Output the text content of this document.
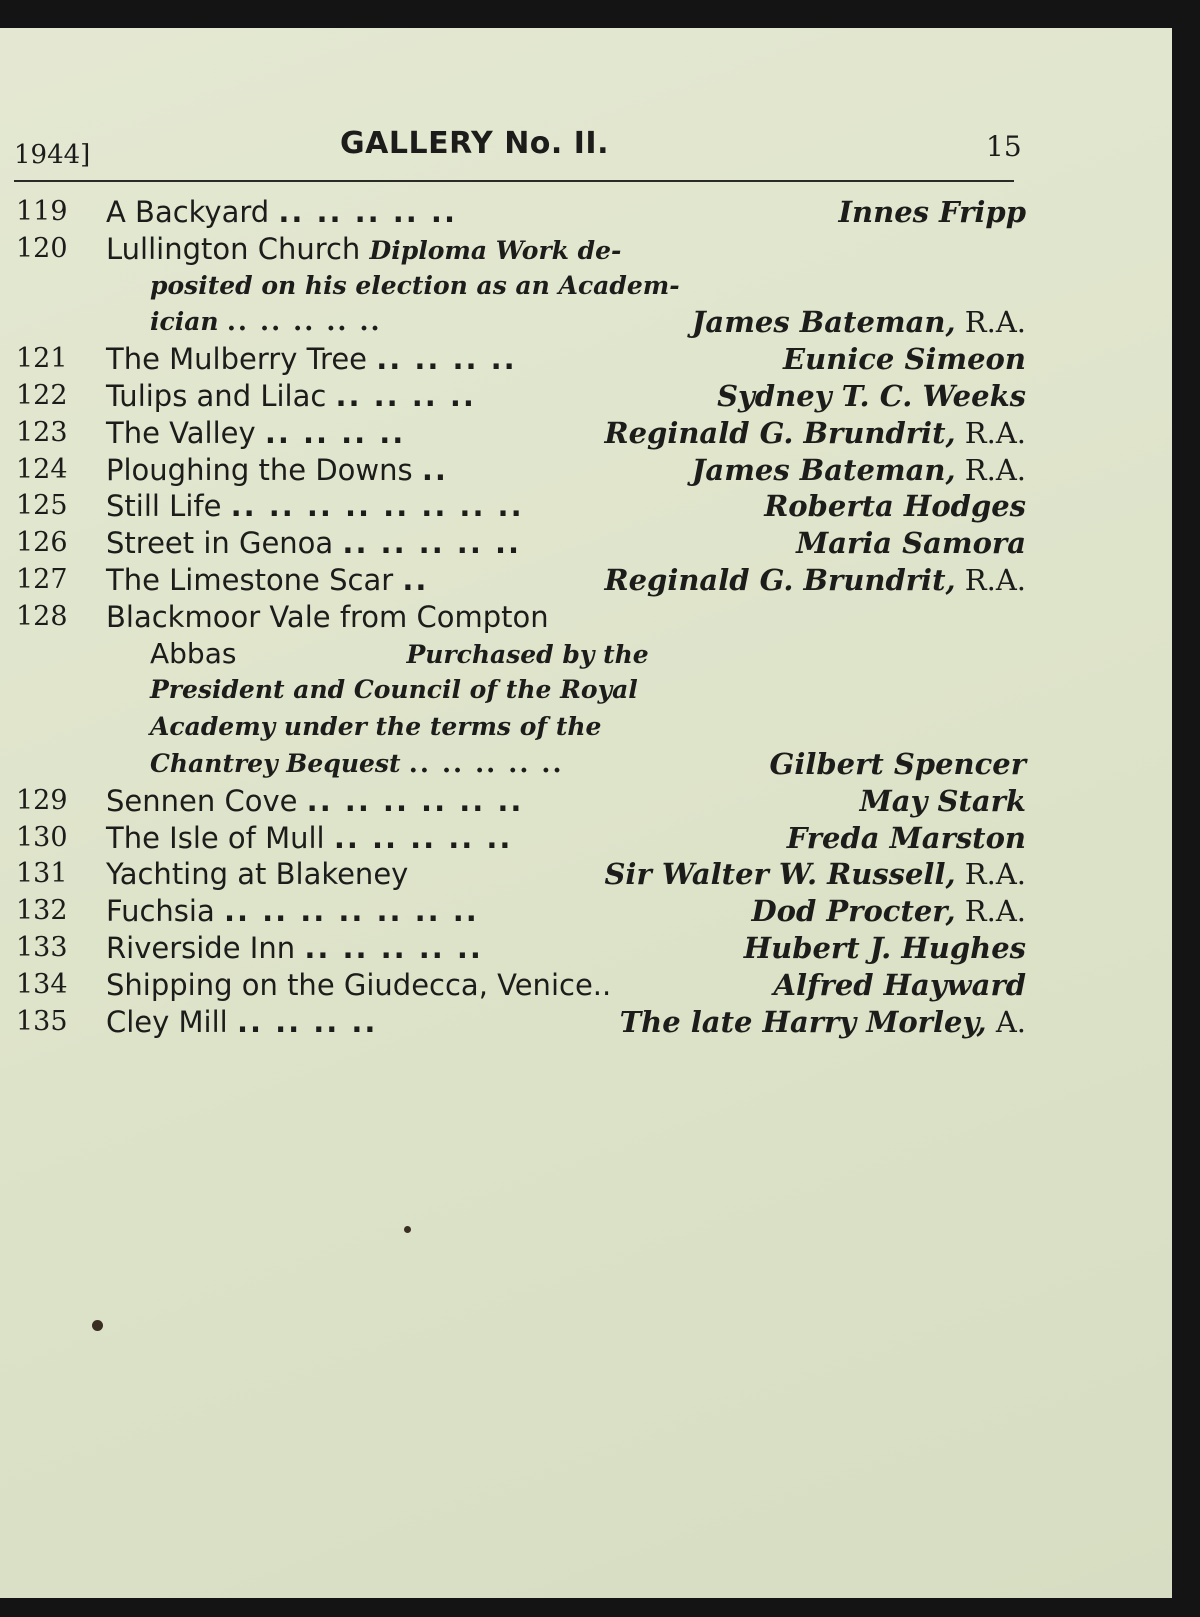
1944]	GALLERY No. II.	15
119 A Backyard .. .. .. .. ..	Innes Fripp
120 Lullington Church Diploma Work de-
posited on his election as an Academ-
ician .. .. .. .. ..	James Bateman, R.A.
121 The Mulberry Tree .. .. .. ..	Eunice Simeon
122 Tulips and Lilac .. .. .. ..	Sydney T. C. Weeks
123 The Valley .. .. .. ..	Reginald G. Brundrit, R.A.
124 Ploughing the Downs ..	James Bateman, R.A.
125 Still Life .. .. .. .. .. .. .. ..	Roberta Hodges
126 Street in Genoa .. .. .. .. ..	Maria Samora
127 The Limestone Scar ..	Reginald G. Brundrit, R.A.
128 Blackmoor Vale from Compton
Abbas	Purchased by the
President and Council of the Royal
Academy under the terms of the
Chantrey Bequest .. .. .. .. ..	Gilbert Spencer
129 Sennen Cove .. .. .. .. .. ..	May Stark
130 The Isle of Mull .. .. .. .. ..	Freda Marston
131 Yachting at Blakeney	Sir Walter W. Russell, R.A.
132 Fuchsia .. .. .. .. .. .. ..	Dod Procter, R.A.
133 Riverside Inn .. .. .. .. ..	Hubert J. Hughes
134 Shipping on the Giudecca, Venice..	Alfred Hayward
135 Cley Mill .. .. .. ..	The late Harry Morley, A.
